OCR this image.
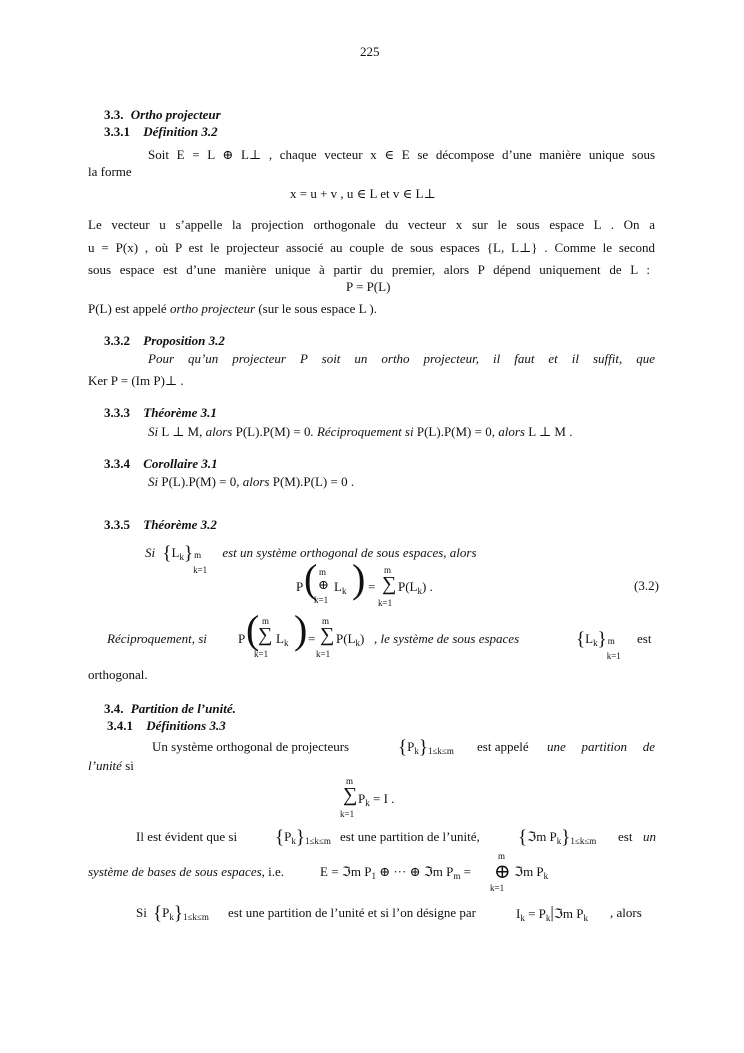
225
3.3. Ortho projecteur
3.3.1 Définition 3.2
Soit E = L ⊕ L⊥ , chaque vecteur x ∈ E se décompose d’une manière unique sous
la forme
x = u + v , u ∈ L et v ∈ L⊥
Le vecteur u s’appelle la projection orthogonale du vecteur x sur le sous espace L . On a
u = P(x) , où P est le projecteur associé au couple de sous espaces {L, L⊥} . Comme le second
sous espace est d’une manière unique à partir du premier, alors P dépend uniquement de L :
P = P(L)
P(L) est appelé ortho projecteur (sur le sous espace L ).
3.3.2 Proposition 3.2
Pour qu’un projecteur P soit un ortho projecteur, il faut et il suffit, que
Ker P = (Im P)⊥ .
3.3.3 Théorème 3.1
Si L ⊥ M, alors P(L).P(M) = 0. Réciproquement si P(L).P(M) = 0, alors L ⊥ M .
3.3.4 Corollaire 3.1
Si P(L).P(M) = 0, alors P(M).P(L) = 0 .
3.3.5 Théorème 3.2
Si $\{L_k\}$ m
k=1
est un système orthogonal de sous espaces, alors
P ( m
⊕
k=1
$L_k$ ) =
m
∑
k=1
$P(L_k)$ .	(3.2)
Réciproquement, si P ( m
∑
k=1
$L_k$ ) =
m
∑
k=1
$P(L_k)$ , le système de sous espaces	$\{L_k\}$ m
k=1
est
orthogonal.
3.4. Partition de l’unité.
3.4.1 Définitions 3.3
Un système orthogonal de projecteurs	$\{P_k\}_{1\le k\le m}$ est appelé une partition de
l’unité si
m
∑
k=1
$P_k = I$ .
Il est évident que si $\{P_k\}_{1\le k\le m}$ est une partition de l’unité, {ℑm $P_k\}_{1\le k\le m}$ est un
système de bases de sous espaces, i.e.	E = ℑm $P_1$ ⊕ ··· ⊕ ℑm $P_m$ =
m
⊕
k=1
ℑm $P_k$
Si $\{P_k\}_{1\le k\le m}$ est une partition de l’unité et si l’on désigne par	$I_k$ = $P_k|ℑm$ $P_k$ , alors
